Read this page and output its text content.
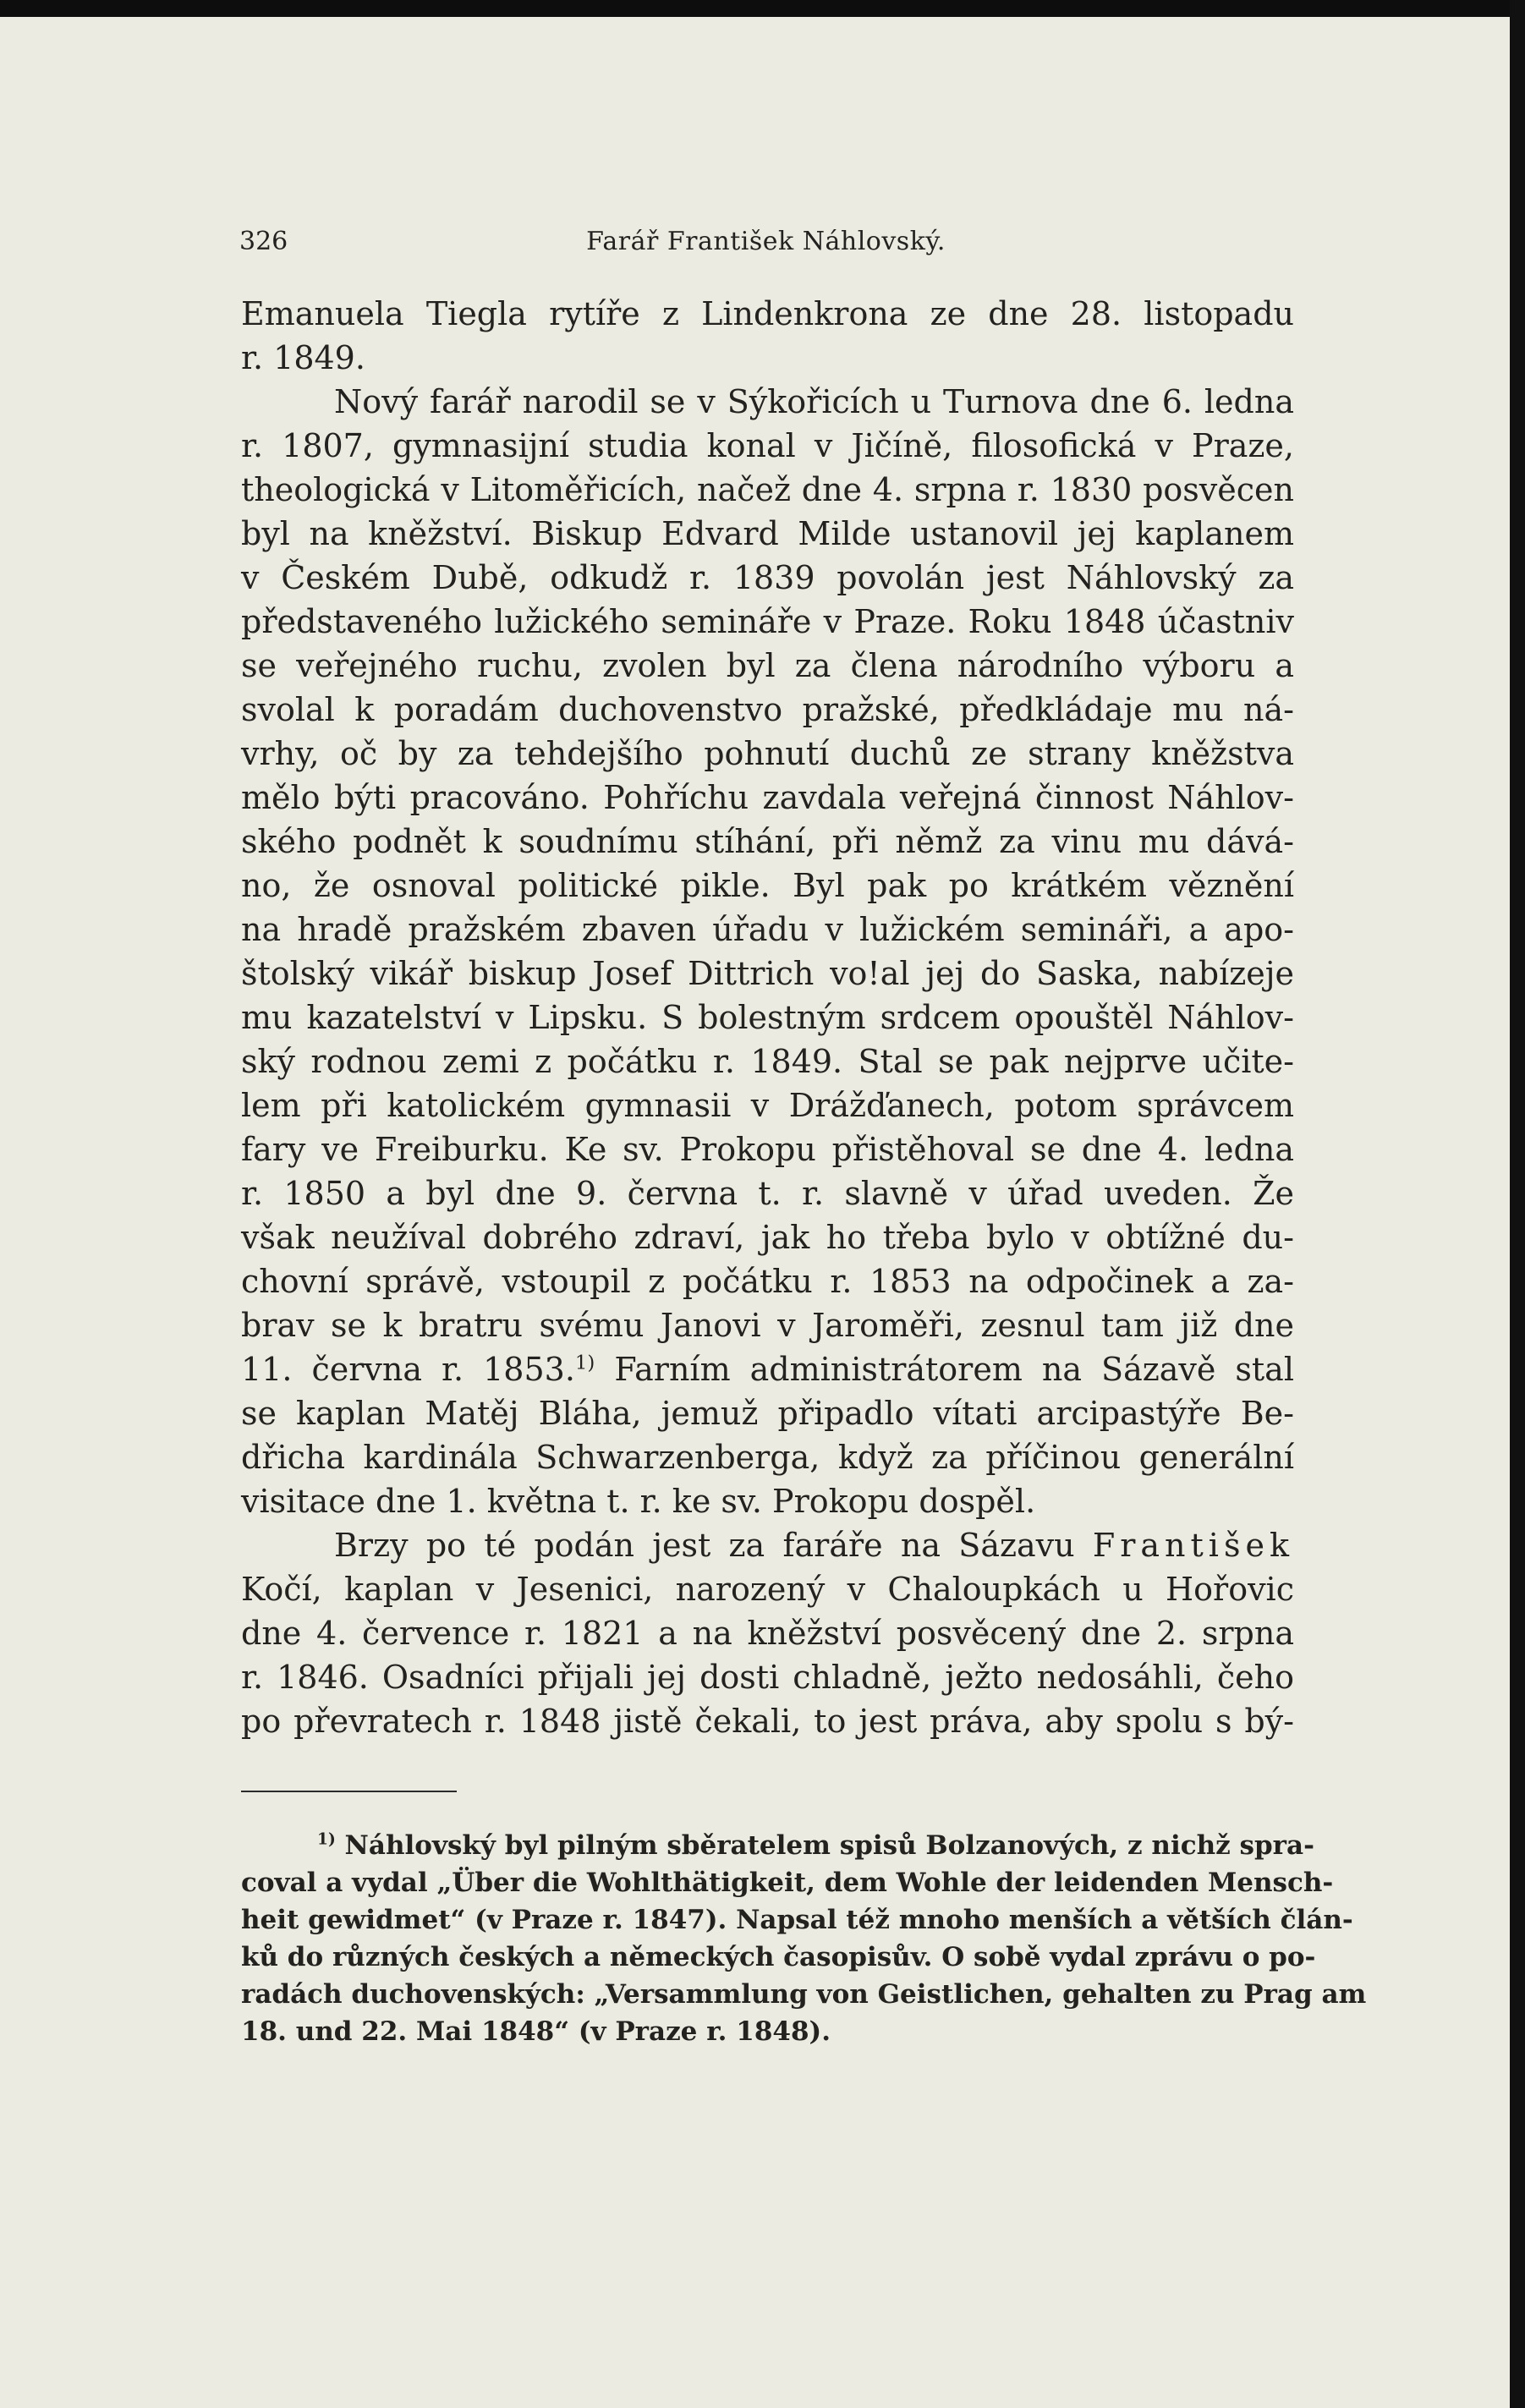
326	Farář František Náhlovský.
Emanuela Tiegla rytíře z Lindenkrona ze dne 28. listopadu
r. 1849.
Nový farář narodil se v Sýkořicích u Turnova dne 6. ledna
r. 1807, gymnasijní studia konal v Jičíně, filosofická v Praze,
theologická v Litoměřicích, načež dne 4. srpna r. 1830 posvěcen
byl na kněžství. Biskup Edvard Milde ustanovil jej kaplanem
v Českém Dubě, odkudž r. 1839 povolán jest Náhlovský za
představeného lužického semináře v Praze. Roku 1848 účastniv
se veřejného ruchu, zvolen byl za člena národního výboru a
svolal k poradám duchovenstvo pražské, předkládaje mu ná-
vrhy, oč by za tehdejšího pohnutí duchů ze strany kněžstva
mělo býti pracováno. Pohříchu zavdala veřejná činnost Náhlov-
ského podnět k soudnímu stíhání, při němž za vinu mu dává-
no, že osnoval politické pikle. Byl pak po krátkém věznění
na hradě pražském zbaven úřadu v lužickém semináři, a apo-
štolský vikář biskup Josef Dittrich vo!al jej do Saska, nabízeje
mu kazatelství v Lipsku. S bolestným srdcem opouštěl Náhlov-
ský rodnou zemi z počátku r. 1849. Stal se pak nejprve učite-
lem při katolickém gymnasii v Drážďanech, potom správcem
fary ve Freiburku. Ke sv. Prokopu přistěhoval se dne 4. ledna
r. 1850 a byl dne 9. června t. r. slavně v úřad uveden. Že
však neužíval dobrého zdraví, jak ho třeba bylo v obtížné du-
chovní správě, vstoupil z počátku r. 1853 na odpočinek a za-
brav se k bratru svému Janovi v Jaroměři, zesnul tam již dne
11. června r. 1853.$^{1)}$ Farním administrátorem na Sázavě stal
se kaplan Matěj Bláha, jemuž připadlo vítati arcipastýře Be-
dřicha kardinála Schwarzenberga, když za příčinou generální
visitace dne 1. května t. r. ke sv. Prokopu dospěl.
Brzy po té podán jest za faráře na Sázavu František
Kočí, kaplan v Jesenici, narozený v Chaloupkách u Hořovic
dne 4. července r. 1821 a na kněžství posvěcený dne 2. srpna
r. 1846. Osadníci přijali jej dosti chladně, ježto nedosáhli, čeho
po převratech r. 1848 jistě čekali, to jest práva, aby spolu s bý-
$^{1)}$ Náhlovský byl pilným sběratelem spisů Bolzanových, z nichž spra-
coval a vydal „Über die Wohlthätigkeit, dem Wohle der leidenden Mensch-
heit gewidmet“ (v Praze r. 1847). Napsal též mnoho menších a větších člán-
ků do různých českých a německých časopisův. O sobě vydal zprávu o po-
radách duchovenských: „Versammlung von Geistlichen, gehalten zu Prag am
18. und 22. Mai 1848“ (v Praze r. 1848).
